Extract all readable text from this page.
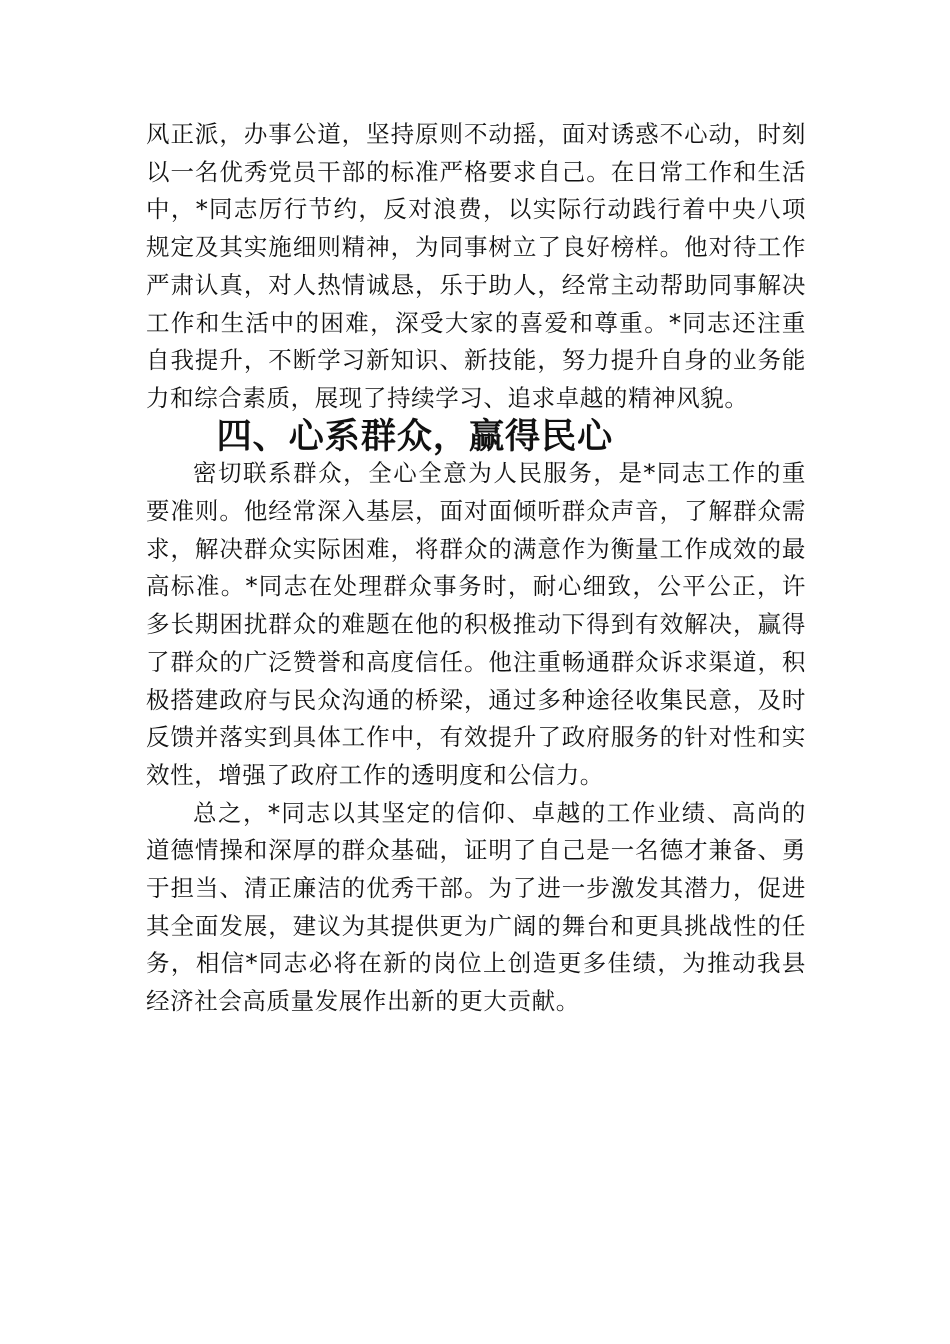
风正派，办事公道，坚持原则不动摇，面对诱惑不心动，时刻以一名优秀党员干部的标准严格要求自己。在日常工作和生活中，*同志厉行节约，反对浪费，以实际行动践行着中央八项规定及其实施细则精神，为同事树立了良好榜样。他对待工作严肃认真，对人热情诚恳，乐于助人，经常主动帮助同事解决工作和生活中的困难，深受大家的喜爱和尊重。*同志还注重自我提升，不断学习新知识、新技能，努力提升自身的业务能力和综合素质，展现了持续学习、追求卓越的精神风貌。

四、心系群众，赢得民心

密切联系群众，全心全意为人民服务，是*同志工作的重要准则。他经常深入基层，面对面倾听群众声音，了解群众需求，解决群众实际困难，将群众的满意作为衡量工作成效的最高标准。*同志在处理群众事务时，耐心细致，公平公正，许多长期困扰群众的难题在他的积极推动下得到有效解决，赢得了群众的广泛赞誉和高度信任。他注重畅通群众诉求渠道，积极搭建政府与民众沟通的桥梁，通过多种途径收集民意，及时反馈并落实到具体工作中，有效提升了政府服务的针对性和实效性，增强了政府工作的透明度和公信力。

总之，*同志以其坚定的信仰、卓越的工作业绩、高尚的道德情操和深厚的群众基础，证明了自己是一名德才兼备、勇于担当、清正廉洁的优秀干部。为了进一步激发其潜力，促进其全面发展，建议为其提供更为广阔的舞台和更具挑战性的任务，相信*同志必将在新的岗位上创造更多佳绩，为推动我县经济社会高质量发展作出新的更大贡献。
